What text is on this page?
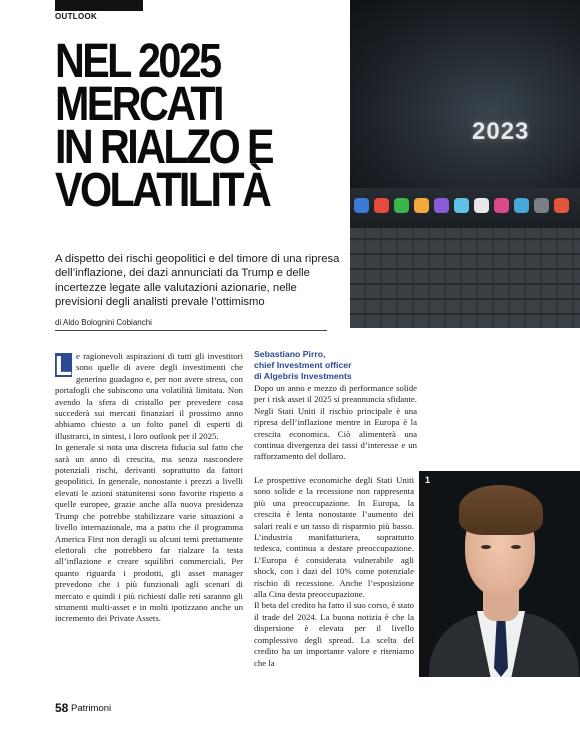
OUTLOOK
NEL 2025
MERCATI
IN RIALZO E
VOLATILITÀ
2023
A dispetto dei rischi geopolitici e del timore di una ripresa dell’inflazione, dei dazi annunciati da Trump e delle incertezze legate alle valutazioni azionarie, nelle previsioni degli analisti prevale l’ottimismo
di Aldo Bolognini Cobianchi

L e ragionevoli aspirazioni di tutti gli investitori sono quelle di avere degli investimenti che generino guadagno e, per non avere stress, con portafogli che subiscono una volatilità limitata. Non avendo la sfera di cristallo per prevedere cosa succederà sui mercati finanziari il prossimo anno abbiamo chiesto a un folto panel di esperti di illustrarci, in sintesi, i loro outlook per il 2025.

In generale si nota una discreta fiducia sul fatto che sarà un anno di crescita, ma senza nascondere potenziali rischi, derivanti soprattutto da fattori geopolitici. In generale, nonostante i prezzi a livelli elevati le azioni statunitensi sono favorite rispetto a quelle europee, grazie anche alla nuova presidenza Trump che potrebbe stabilizzare varie situazioni a livello internazionale, ma a patto che il programma America First non deragli su alcuni temi prettamente elettorali che potrebbero far rialzare la testa all’inflazione e creare squilibri commerciali. Per quanto riguarda i prodotti, gli asset manager prevedono che i più funzionali agli scenari di mercato e quindi i più richiesti dalle reti saranno gli strumenti multi-asset e in molti ipotizzano anche un incremento dei Private Assets.

Sebastiano Pirro,
chief Investment officer
di Algebris Investments

Dopo un anno e mezzo di performance solide per i risk asset il 2025 si preannuncia sfidante. Negli Stati Uniti il rischio principale è una ripresa dell’inflazione mentre in Europa è la crescita economica. Ciò alimenterà una continua divergenza dei tassi d’interesse e un rafforzamento del dollaro.

Le prospettive economiche degli Stati Uniti sono solide e la recessione non rappresenta più una preoccupazione. In Europa, la crescita è lenta nonostante l’aumento dei salari reali e un tasso di risparmio più basso. L’industria manifatturiera, soprattutto tedesca, continua a destare preoccupazione. L’Europa è considerata vulnerabile agli shock, con i dazi del 10% come potenziale rischio di recessione. Anche l’esposizione alla Cina desta preoccupazione.

Il beta del credito ha fatto il suo corso, è stato il trade del 2024. La buona notizia è che la dispersione è elevata per il livello complessivo degli spread. La scelta del credito ha un importante valore e riteniamo che la

1
58 Patrimoni
